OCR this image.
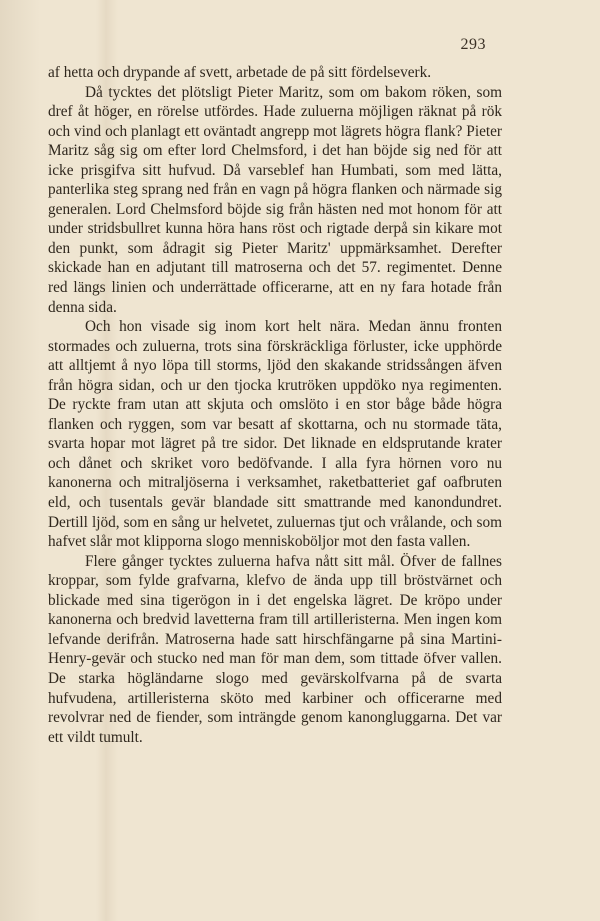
293

af hetta och drypande af svett, arbetade de på sitt fördelseverk.

Då tycktes det plötsligt Pieter Maritz, som om bakom röken, som dref åt höger, en rörelse utfördes. Hade zuluerna möjligen räknat på rök och vind och planlagt ett oväntadt angrepp mot lägrets högra flank? Pieter Maritz såg sig om efter lord Chelmsford, i det han böjde sig ned för att icke prisgifva sitt hufvud. Då varseblef han Humbati, som med lätta, panterlika steg sprang ned från en vagn på högra flanken och närmade sig generalen. Lord Chelmsford böjde sig från hästen ned mot honom för att under stridsbullret kunna höra hans röst och rigtade derpå sin kikare mot den punkt, som ådragit sig Pieter Maritz' uppmärksamhet. Derefter skickade han en adjutant till matroserna och det 57. regimentet. Denne red längs linien och underrättade officerarne, att en ny fara hotade från denna sida.

Och hon visade sig inom kort helt nära. Medan ännu fronten stormades och zuluerna, trots sina förskräckliga förluster, icke upphörde att alltjemt å nyo löpa till storms, ljöd den skakande stridssången äfven från högra sidan, och ur den tjocka krutröken uppdöko nya regimenten. De ryckte fram utan att skjuta och omslöto i en stor båge både högra flanken och ryggen, som var besatt af skottarna, och nu stormade täta, svarta hopar mot lägret på tre sidor. Det liknade en eldsprutande krater och dånet och skriket voro bedöfvande. I alla fyra hörnen voro nu kanonerna och mitraljöserna i verksamhet, raketbatteriet gaf oafbruten eld, och tusentals gevär blandade sitt smattrande med kanondundret. Dertill ljöd, som en sång ur helvetet, zuluernas tjut och vrålande, och som hafvet slår mot klipporna slogo menniskoböljor mot den fasta vallen.

Flere gånger tycktes zuluerna hafva nått sitt mål. Öfver de fallnes kroppar, som fylde grafvarna, klefvo de ända upp till bröstvärnet och blickade med sina tigerögon in i det engelska lägret. De kröpo under kanonerna och bredvid lavetterna fram till artilleristerna. Men ingen kom lefvande derifrån. Matroserna hade satt hirschfängarne på sina Martini-Henry-gevär och stucko ned man för man dem, som tittade öfver vallen. De starka högländarne slogo med gevärskolfvarna på de svarta hufvudena, artilleristerna sköto med karbiner och officerarne med revolvrar ned de fiender, som inträngde genom kanongluggarna. Det var ett vildt tumult.
